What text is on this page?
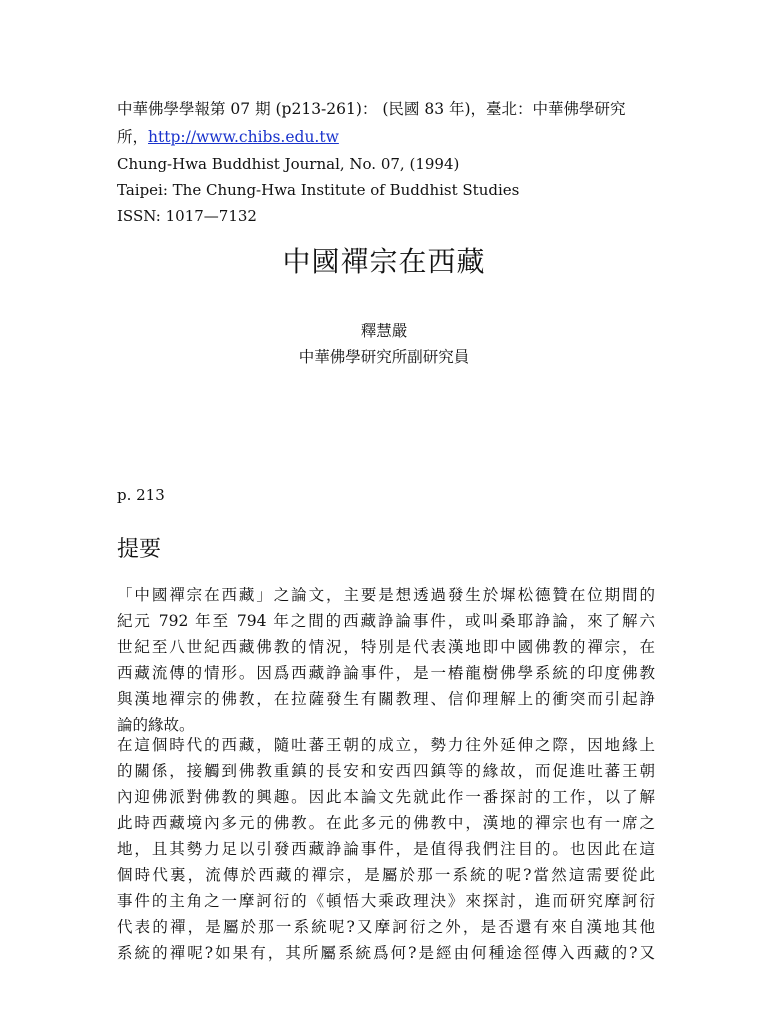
中華佛學學報第 07 期 (p213-261)： (民國 83 年)，臺北：中華佛學研究
所，http://www.chibs.edu.tw
Chung-Hwa Buddhist Journal, No. 07, (1994)
Taipei: The Chung-Hwa Institute of Buddhist Studies
ISSN: 1017—7132
中國禪宗在西藏
釋慧嚴
中華佛學研究所副研究員
p. 213
提要
「中國禪宗在西藏」之論文，主要是想透過發生於墀松德贊在位期間的
紀元 792 年至 794 年之間的西藏諍論事件，或叫桑耶諍論，來了解六
世紀至八世紀西藏佛教的情況，特別是代表漢地即中國佛教的禪宗，在
西藏流傳的情形。因爲西藏諍論事件，是一樁龍樹佛學系統的印度佛教
與漢地禪宗的佛教，在拉薩發生有關教理、信仰理解上的衝突而引起諍
論的緣故。
在這個時代的西藏，隨吐蕃王朝的成立，勢力往外延伸之際，因地緣上
的關係，接觸到佛教重鎮的長安和安西四鎮等的緣故，而促進吐蕃王朝
內迎佛派對佛教的興趣。因此本論文先就此作一番探討的工作，以了解
此時西藏境內多元的佛教。在此多元的佛教中，漢地的禪宗也有一席之
地，且其勢力足以引發西藏諍論事件，是值得我們注目的。也因此在這
個時代裏，流傳於西藏的禪宗，是屬於那一系統的呢?當然這需要從此
事件的主角之一摩訶衍的《頓悟大乘政理決》來探討，進而研究摩訶衍
代表的禪，是屬於那一系統呢?又摩訶衍之外，是否還有來自漢地其他
系統的禪呢?如果有，其所屬系統爲何?是經由何種途徑傳入西藏的?又
